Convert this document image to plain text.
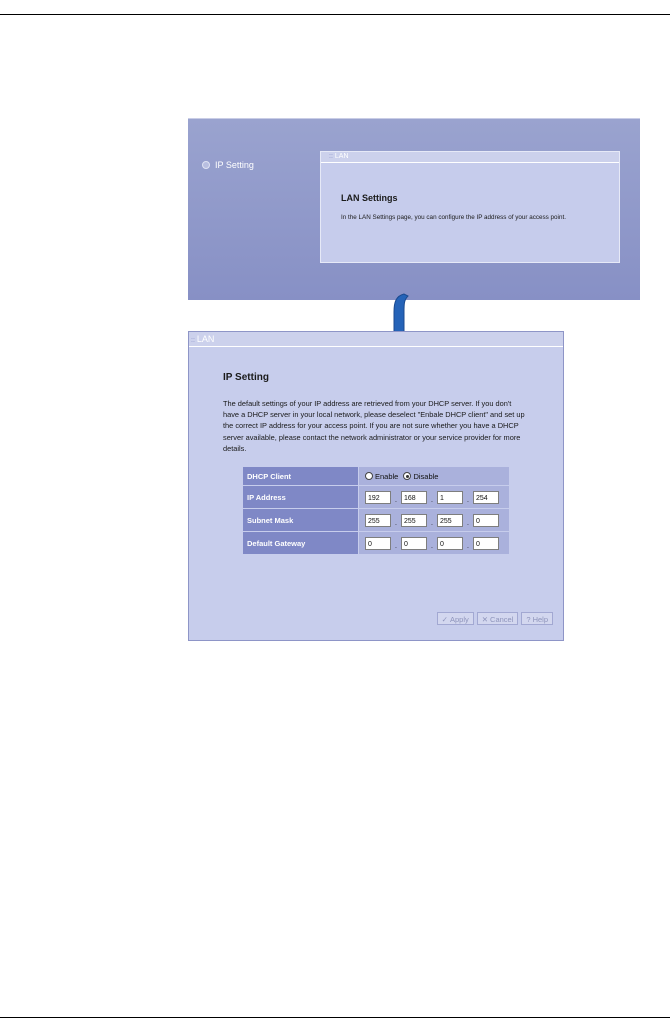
IP Setting
:: LAN
LAN Settings

In the LAN Settings page, you can configure the IP address of your access point.

:: LAN
IP Setting

The default settings of your IP address are retrieved from your DHCP server. If you don't have a DHCP server in your local network, please deselect "Enbale DHCP client" and set up the correct IP address for your access point. If you are not sure whether you have a DHCP server available, please contact the network administrator or your service provider for more details.

DHCP Client	Enable Disable
IP Address	192 . 168 . 1 . 254
Subnet Mask	255 . 255 . 255 . 0
Default Gateway	0 . 0 . 0 . 0
✓ Apply	✕ Cancel	? Help
